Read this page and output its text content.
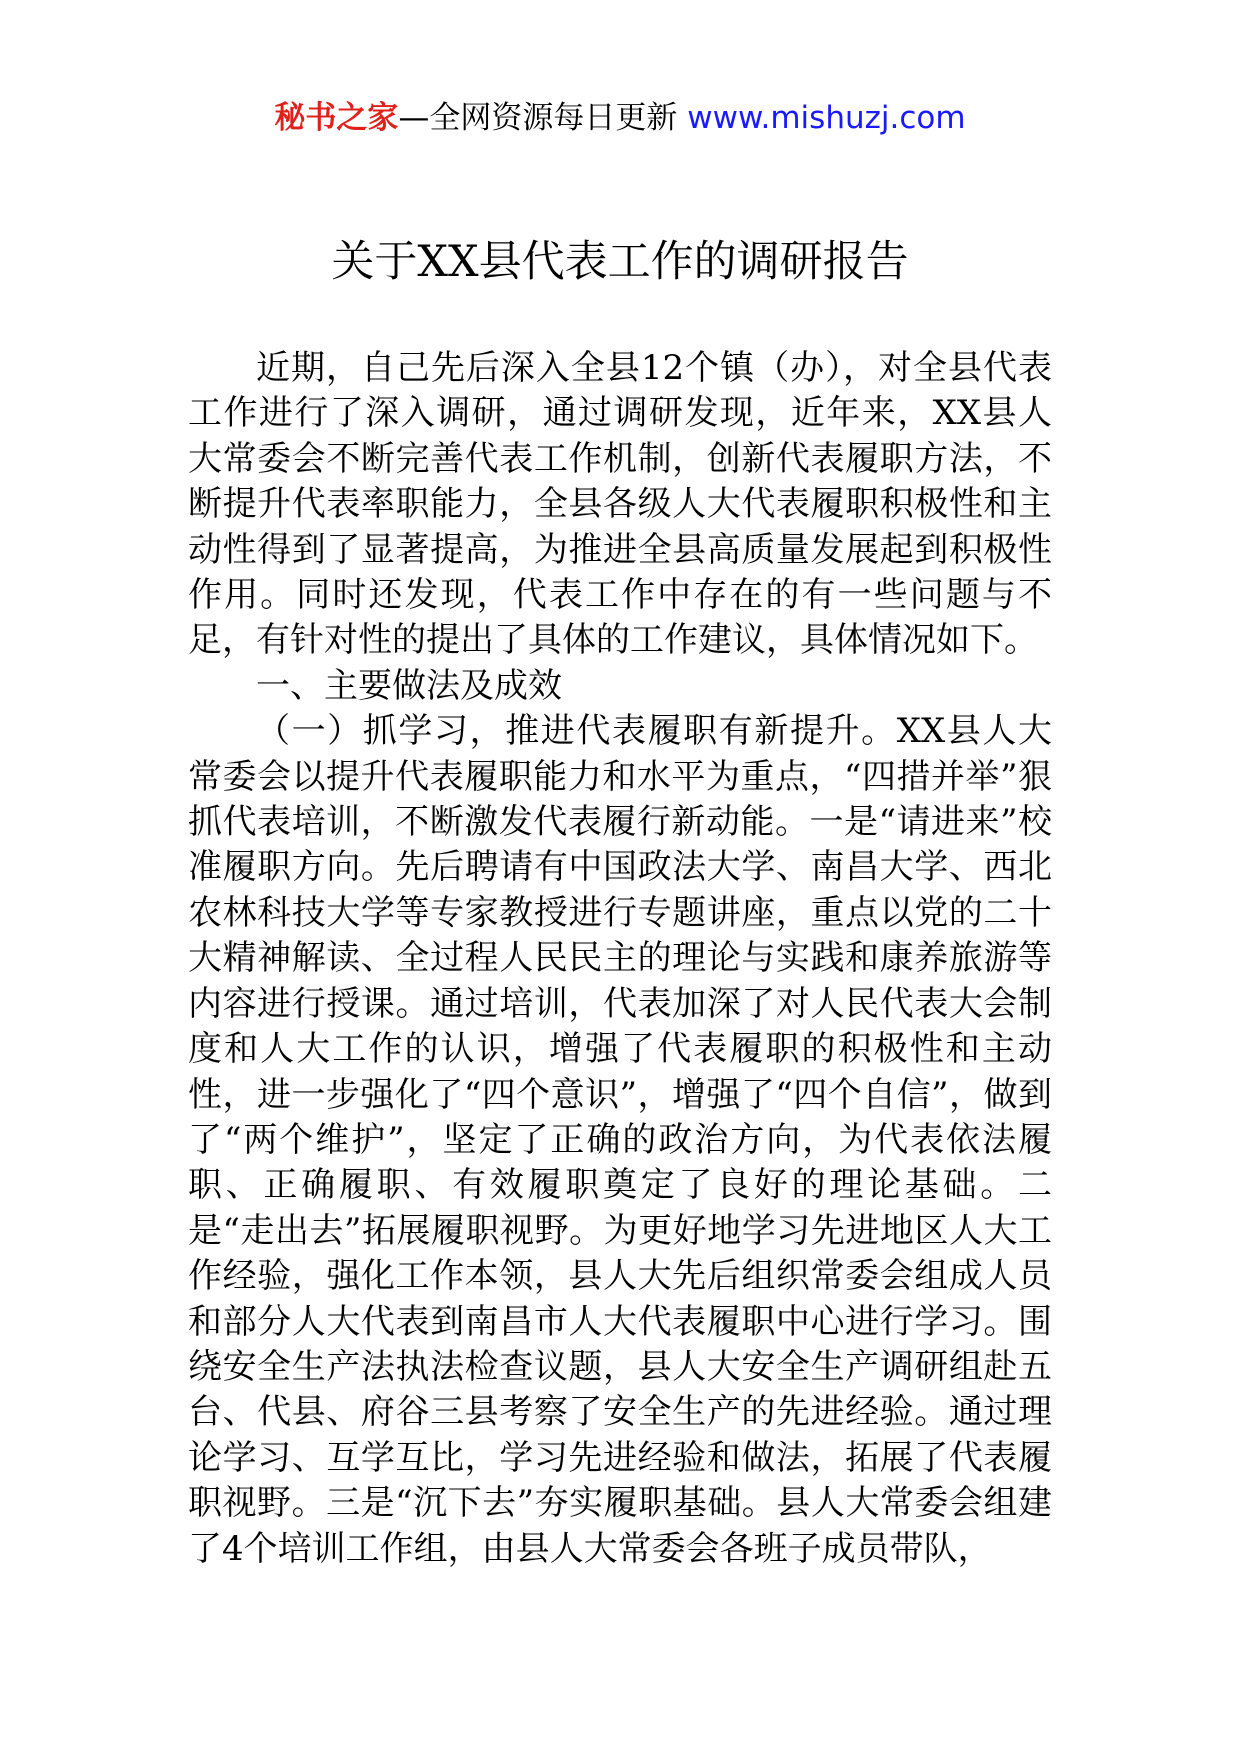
秘书之家—全网资源每日更新 www.mishuzj.com
关于XX县代表工作的调研报告

近期，自己先后深入全县12个镇（办），对全县代表工作进行了深入调研，通过调研发现，近年来，XX县人大常委会不断完善代表工作机制，创新代表履职方法，不断提升代表率职能力，全县各级人大代表履职积极性和主动性得到了显著提高，为推进全县高质量发展起到积极性作用。同时还发现，代表工作中存在的有一些问题与不足，有针对性的提出了具体的工作建议，具体情况如下。

一、主要做法及成效

（一）抓学习，推进代表履职有新提升。XX县人大常委会以提升代表履职能力和水平为重点，“四措并举”狠抓代表培训，不断激发代表履行新动能。一是“请进来”校准履职方向。先后聘请有中国政法大学、南昌大学、西北农林科技大学等专家教授进行专题讲座，重点以党的二十大精神解读、全过程人民民主的理论与实践和康养旅游等内容进行授课。通过培训，代表加深了对人民代表大会制度和人大工作的认识，增强了代表履职的积极性和主动性，进一步强化了“四个意识”，增强了“四个自信”，做到了“两个维护”，坚定了正确的政治方向，为代表依法履职、正确履职、有效履职奠定了良好的理论基础。二是“走出去”拓展履职视野。为更好地学习先进地区人大工作经验，强化工作本领，县人大先后组织常委会组成人员和部分人大代表到南昌市人大代表履职中心进行学习。围绕安全生产法执法检查议题，县人大安全生产调研组赴五台、代县、府谷三县考察了安全生产的先进经验。通过理论学习、互学互比，学习先进经验和做法，拓展了代表履职视野。三是“沉下去”夯实履职基础。县人大常委会组建了4个培训工作组，由县人大常委会各班子成员带队，
